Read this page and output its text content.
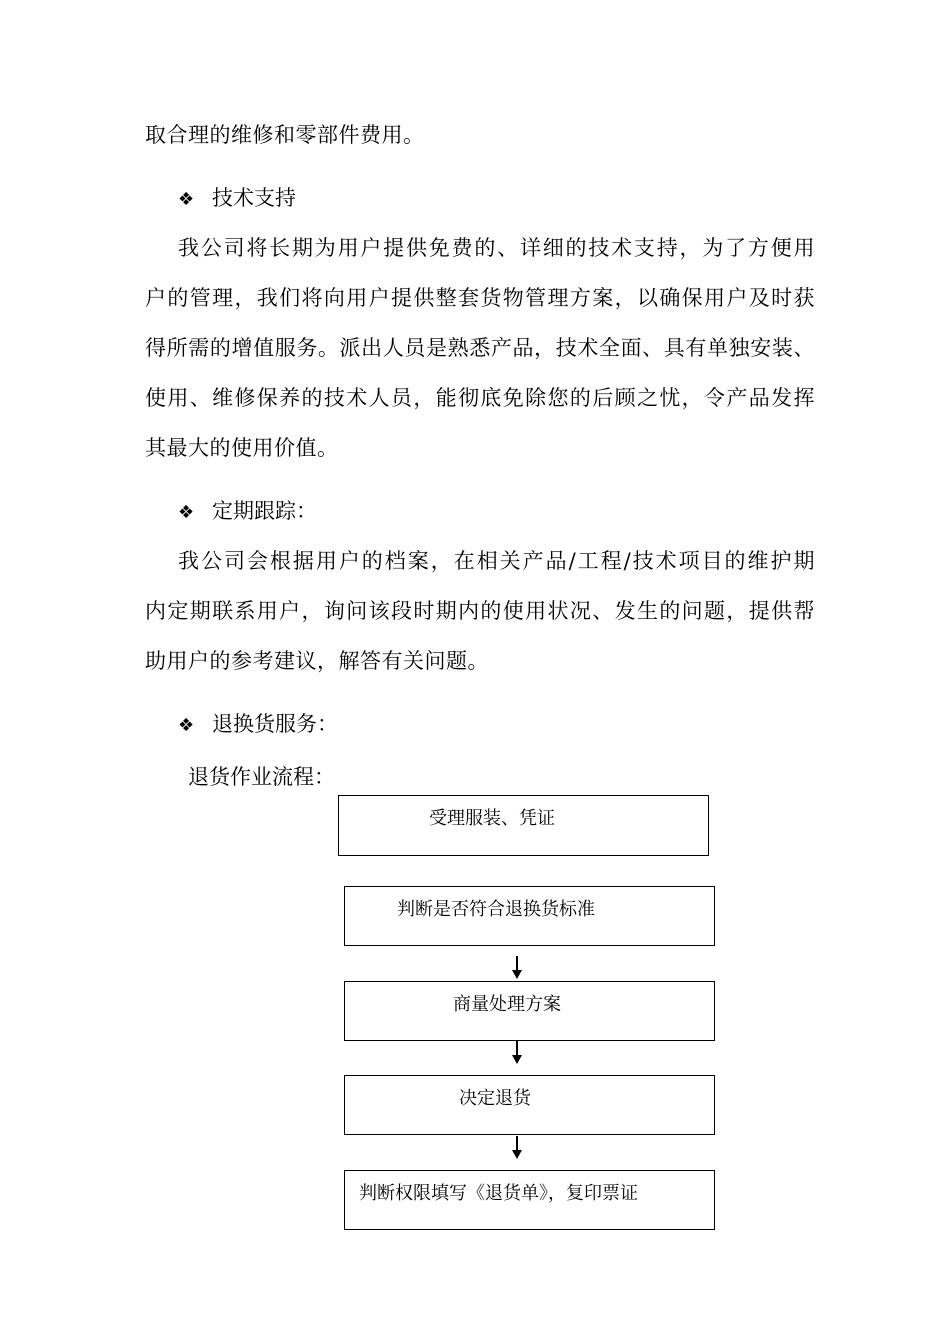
取合理的维修和零部件费用。
❖ 技术支持
我公司将长期为用户提供免费的、详细的技术支持，为了方便用
户的管理，我们将向用户提供整套货物管理方案，以确保用户及时获
得所需的增值服务。派出人员是熟悉产品，技术全面、具有单独安装、
使用、维修保养的技术人员，能彻底免除您的后顾之忧，令产品发挥
其最大的使用价值。
❖ 定期跟踪：
我公司会根据用户的档案，在相关产品/工程/技术项目的维护期
内定期联系用户，询问该段时期内的使用状况、发生的问题，提供帮
助用户的参考建议，解答有关问题。
❖ 退换货服务：
退货作业流程：
受理服装、凭证
判断是否符合退换货标准
商量处理方案
决定退货
判断权限填写《退货单》，复印票证
